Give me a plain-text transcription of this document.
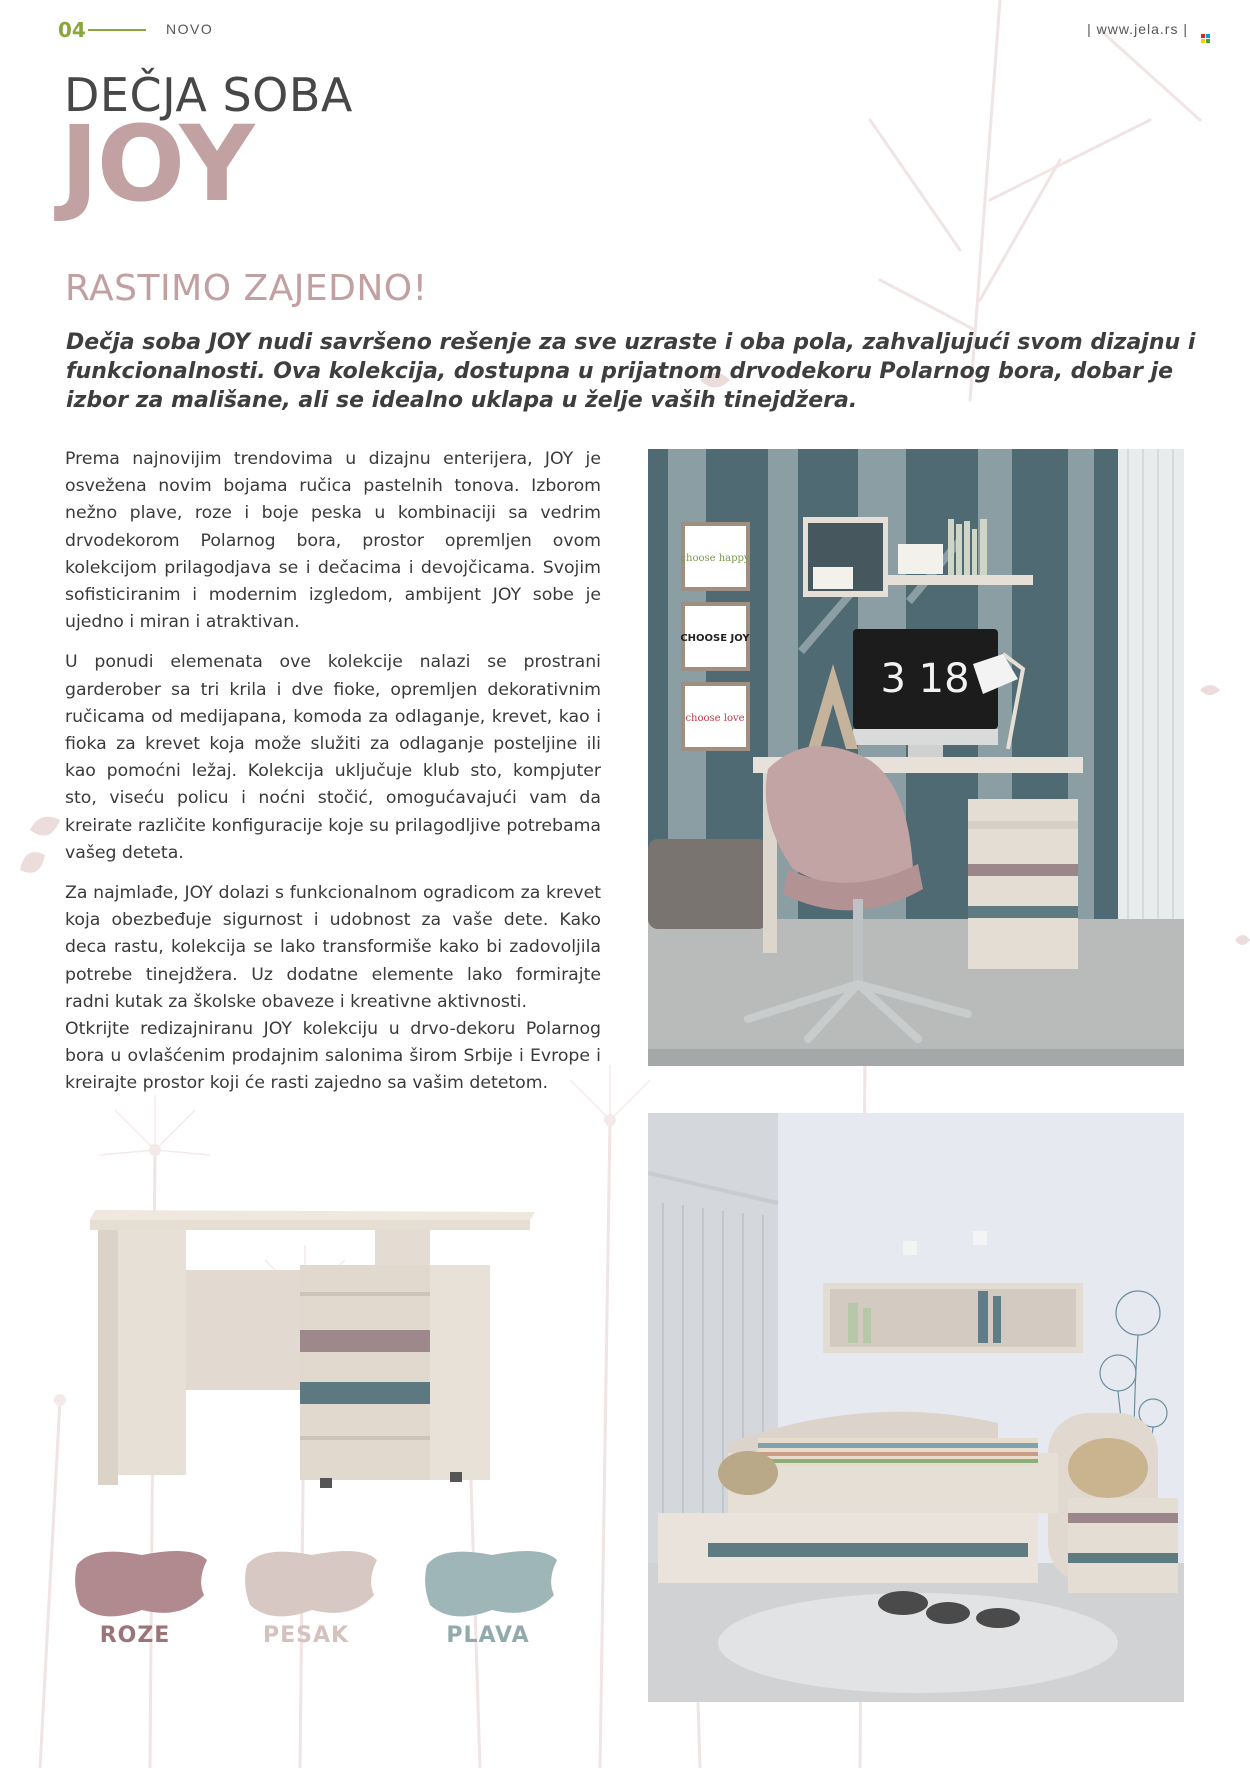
04	NOVO	| www.jela.rs |
DEČJA SOBA
JOY
RASTIMO ZAJEDNO!
Dečja soba JOY nudi savršeno rešenje za sve uzraste i oba pola, zahvaljujući svom dizajnu i funkcionalnosti. Ova kolekcija, dostupna u prijatnom drvodekoru Polarnog bora, dobar je izbor za mališane, ali se idealno uklapa u želje vaših tinejdžera.

Prema najnovijim trendovima u dizajnu enterijera, JOY je osvežena novim bojama ručica pastelnih tonova. Izborom nežno plave, roze i boje peska u kombinaciji sa vedrim drvodekorom Polarnog bora, prostor opremljen ovom kolekcijom prilagodjava se i dečacima i devojčicama. Svojim sofisticiranim i modernim izgledom, ambijent JOY sobe je ujedno i miran i atraktivan.

U ponudi elemenata ove kolekcije nalazi se prostrani garderober sa tri krila i dve fioke, opremljen dekorativnim ručicama od medijapana, komoda za odlaganje, krevet, kao i fioka za krevet koja može služiti za odlaganje posteljine ili kao pomoćni ležaj. Kolekcija uključuje klub sto, kompjuter sto, viseću policu i noćni stočić, omogućavajući vam da kreirate različite konfiguracije koje su prilagodljive potrebama vašeg deteta.

Za najmlađe, JOY dolazi s funkcionalnom ogradicom za krevet koja obezbeđuje sigurnost i udobnost za vaše dete. Kako deca rastu, kolekcija se lako transformiše kako bi zadovoljila potrebe tinejdžera. Uz dodatne elemente lako formirajte radni kutak za školske obaveze i kreativne aktivnosti.

Otkrijte redizajniranu JOY kolekciju u drvo-dekoru Polarnog bora u ovlašćenim prodajnim salonima širom Srbije i Evrope i kreirajte prostor koji će rasti zajedno sa vašim detetom.

choose happy
CHOOSE JOY
choose love
3 18
ROZE	PESAK	PLAVA
